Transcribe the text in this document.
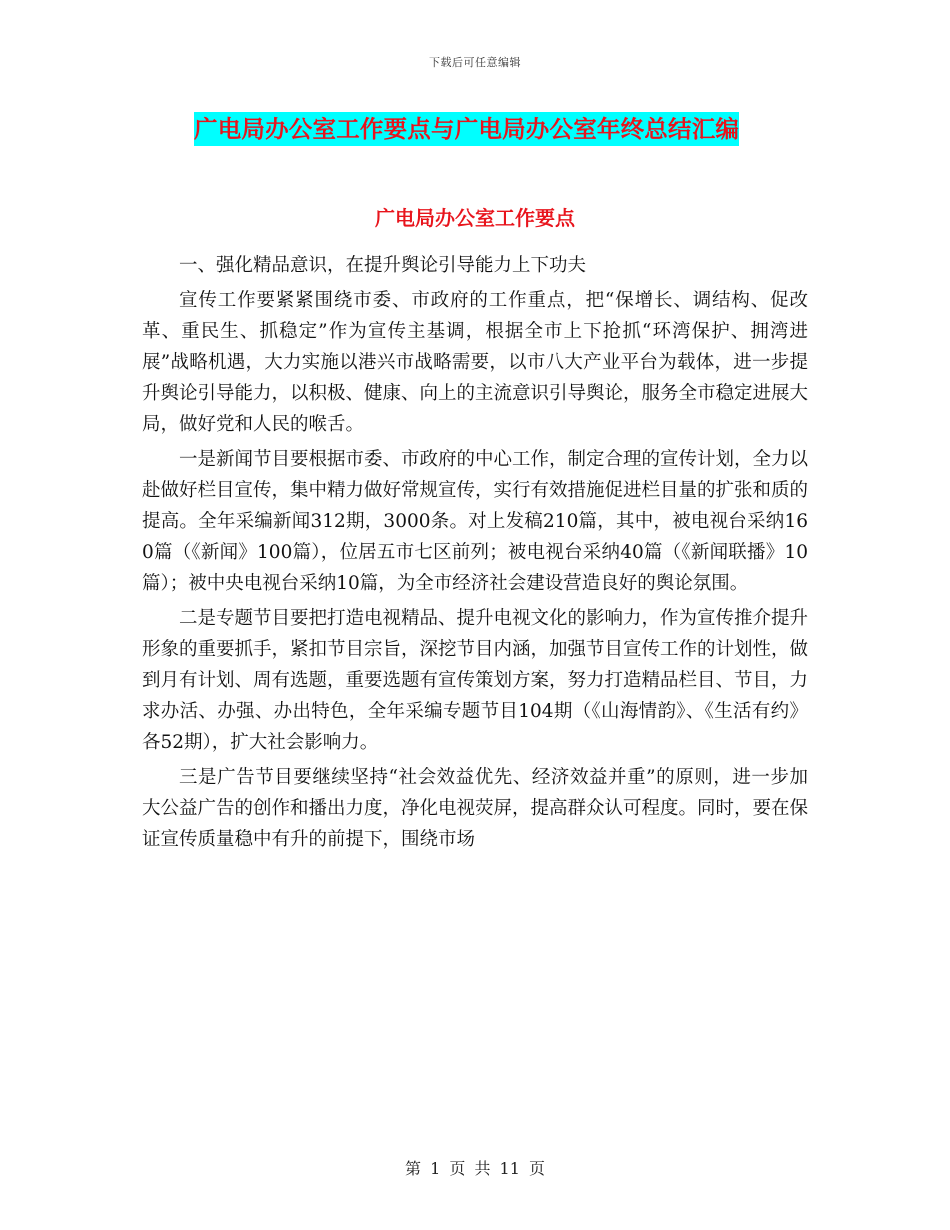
下载后可任意编辑
广电局办公室工作要点与广电局办公室年终总结汇编
广电局办公室工作要点

一、强化精品意识，在提升舆论引导能力上下功夫

宣传工作要紧紧围绕市委、市政府的工作重点，把“保增长、调结构、促改革、重民生、抓稳定”作为宣传主基调，根据全市上下抢抓“环湾保护、拥湾进展”战略机遇，大力实施以港兴市战略需要，以市八大产业平台为载体，进一步提升舆论引导能力，以积极、健康、向上的主流意识引导舆论，服务全市稳定进展大局，做好党和人民的喉舌。

一是新闻节目要根据市委、市政府的中心工作，制定合理的宣传计划，全力以赴做好栏目宣传，集中精力做好常规宣传，实行有效措施促进栏目量的扩张和质的提高。全年采编新闻312期，3000条。对上发稿210篇，其中，被电视台采纳160篇（《新闻》100篇），位居五市七区前列；被电视台采纳40篇（《新闻联播》10篇）；被中央电视台采纳10篇，为全市经济社会建设营造良好的舆论氛围。

二是专题节目要把打造电视精品、提升电视文化的影响力，作为宣传推介提升形象的重要抓手，紧扣节目宗旨，深挖节目内涵，加强节目宣传工作的计划性，做到月有计划、周有选题，重要选题有宣传策划方案，努力打造精品栏目、节目，力求办活、办强、办出特色，全年采编专题节目104期（《山海情韵》、《生活有约》各52期），扩大社会影响力。

三是广告节目要继续坚持“社会效益优先、经济效益并重”的原则，进一步加大公益广告的创作和播出力度，净化电视荧屏，提高群众认可程度。同时，要在保证宣传质量稳中有升的前提下，围绕市场

第 1 页 共 11 页
